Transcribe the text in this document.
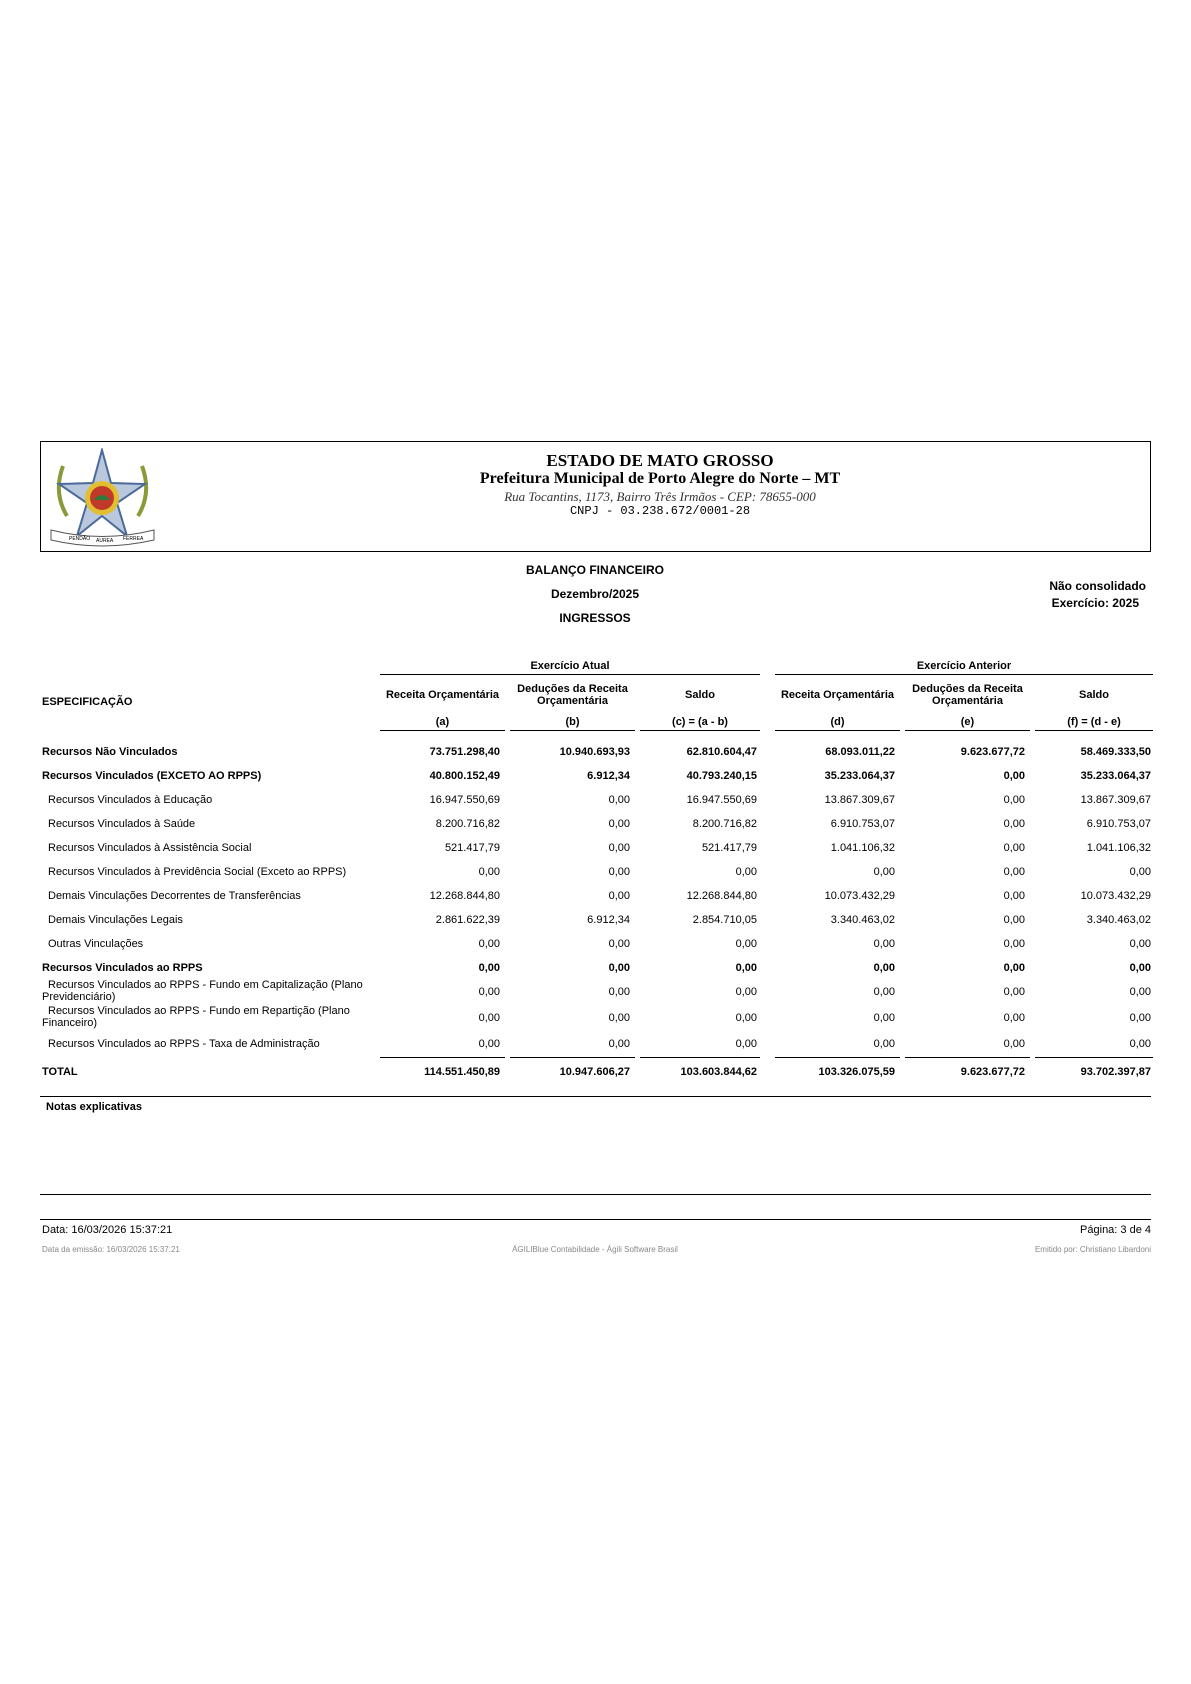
PENDÃO AUREA FERREA
ESTADO DE MATO GROSSO
Prefeitura Municipal de Porto Alegre do Norte – MT
Rua Tocantins, 1173, Bairro Três Irmãos - CEP: 78655-000
CNPJ - 03.238.672/0001-28
BALANÇO FINANCEIRO
Dezembro/2025
INGRESSOS
Não consolidado
Exercício: 2025
Exercício Atual	Exercício Anterior
ESPECIFICAÇÃO
Receita Orçamentária	Deduções da Receita Orçamentária	Saldo	Receita Orçamentária	Deduções da Receita Orçamentária	Saldo
(a)	(b)	(c) = (a - b)	(d)	(e)	(f) = (d - e)
Recursos Não Vinculados	73.751.298,40	10.940.693,93	62.810.604,47	68.093.011,22	9.623.677,72	58.469.333,50
Recursos Vinculados (EXCETO AO RPPS)	40.800.152,49	6.912,34	40.793.240,15	35.233.064,37	0,00	35.233.064,37
Recursos Vinculados à Educação	16.947.550,69	0,00	16.947.550,69	13.867.309,67	0,00	13.867.309,67
Recursos Vinculados à Saúde	8.200.716,82	0,00	8.200.716,82	6.910.753,07	0,00	6.910.753,07
Recursos Vinculados à Assistência Social	521.417,79	0,00	521.417,79	1.041.106,32	0,00	1.041.106,32
Recursos Vinculados à Previdência Social (Exceto ao RPPS)	0,00	0,00	0,00	0,00	0,00	0,00
Demais Vinculações Decorrentes de Transferências	12.268.844,80	0,00	12.268.844,80	10.073.432,29	0,00	10.073.432,29
Demais Vinculações Legais	2.861.622,39	6.912,34	2.854.710,05	3.340.463,02	0,00	3.340.463,02
Outras Vinculações	0,00	0,00	0,00	0,00	0,00	0,00
Recursos Vinculados ao RPPS	0,00	0,00	0,00	0,00	0,00	0,00
Recursos Vinculados ao RPPS - Fundo em Capitalização (Plano Previdenciário)	0,00	0,00	0,00	0,00	0,00	0,00
Recursos Vinculados ao RPPS - Fundo em Repartição (Plano Financeiro)	0,00	0,00	0,00	0,00	0,00	0,00
Recursos Vinculados ao RPPS - Taxa de Administração	0,00	0,00	0,00	0,00	0,00	0,00
TOTAL	114.551.450,89	10.947.606,27	103.603.844,62	103.326.075,59	9.623.677,72	93.702.397,87
Notas explicativas
Data: 16/03/2026 15:37:21	Página: 3 de 4
Data da emissão: 16/03/2026 15:37:21	ÁGILIBlue Contabilidade - Ágili Software Brasil	Emitido por: Christiano Libardoni
